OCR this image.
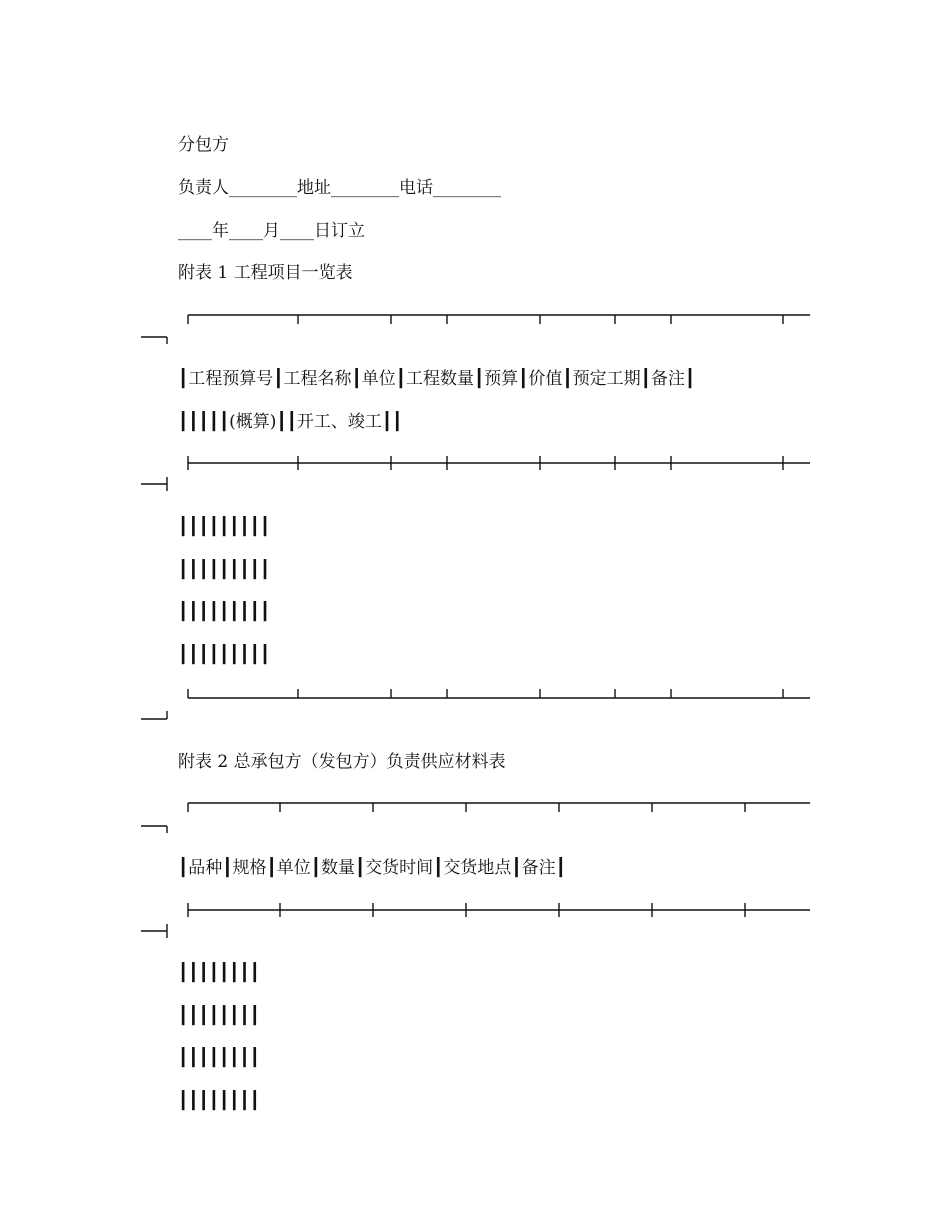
分包方
负责人________地址________电话________
____年____月____日订立
附表 1 工程项目一览表
┃工程预算号┃工程名称┃单位┃工程数量┃预算┃价值┃预定工期┃备注┃
┃┃┃┃┃(概算)┃┃开工、竣工┃┃
┃┃┃┃┃┃┃┃┃
┃┃┃┃┃┃┃┃┃
┃┃┃┃┃┃┃┃┃
┃┃┃┃┃┃┃┃┃
附表 2 总承包方（发包方）负责供应材料表
┃品种┃规格┃单位┃数量┃交货时间┃交货地点┃备注┃
┃┃┃┃┃┃┃┃
┃┃┃┃┃┃┃┃
┃┃┃┃┃┃┃┃
┃┃┃┃┃┃┃┃
